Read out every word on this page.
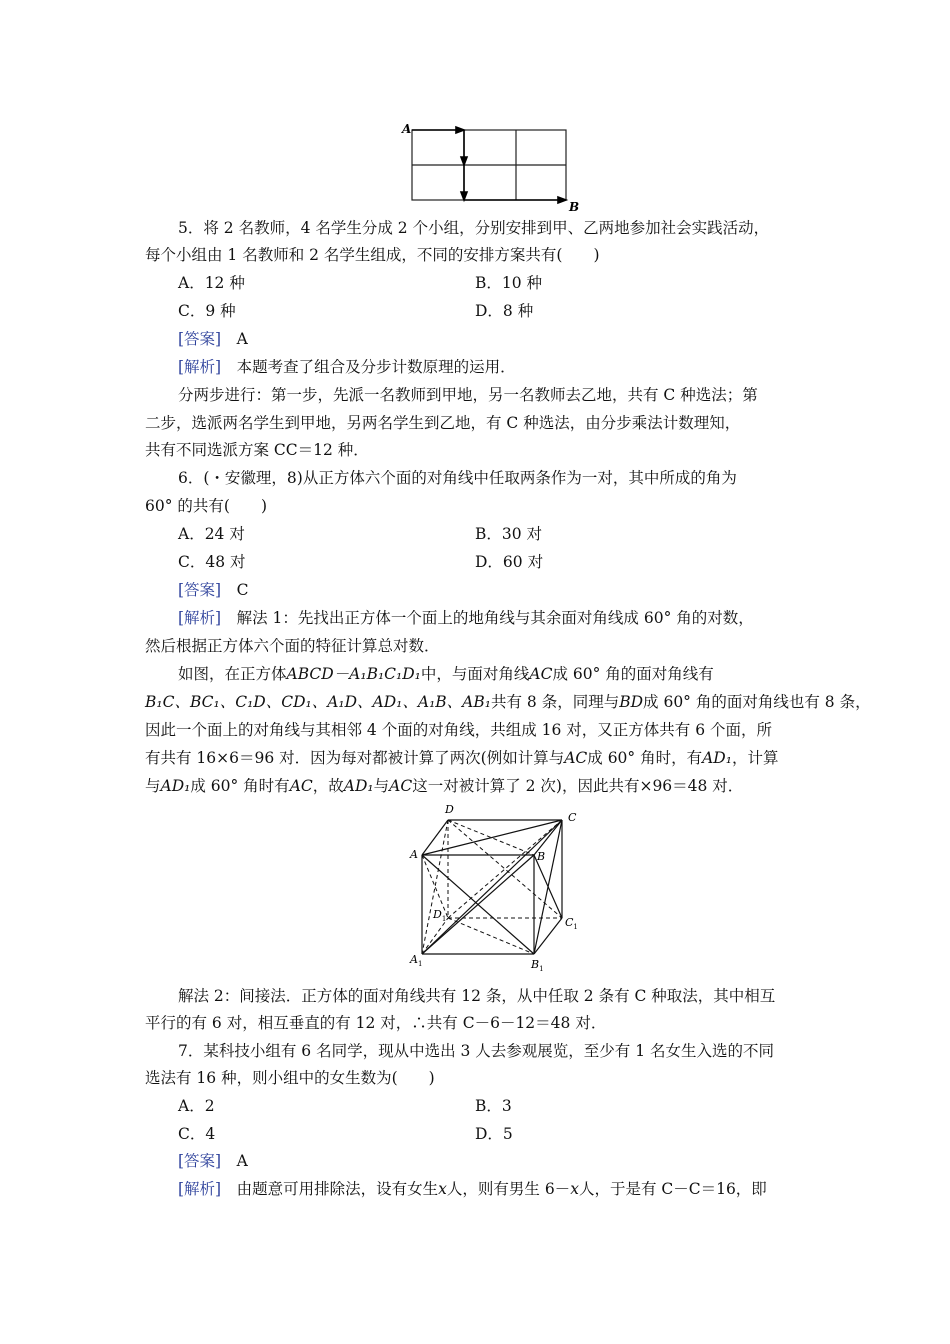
A
B
5．将 2 名教师，4 名学生分成 2 个小组，分别安排到甲、乙两地参加社会实践活动，
每个小组由 1 名教师和 2 名学生组成，不同的安排方案共有(　　)
A．12 种	B．10 种
C．9 种	D．8 种
[答案]　 A
[解析]　 本题考查了组合及分步计数原理的运用．
分两步进行：第一步，先派一名教师到甲地，另一名教师去乙地，共有 C 种选法；第
二步，选派两名学生到甲地，另两名学生到乙地，有 C 种选法，由分步乘法计数理知，
共有不同选派方案 CC＝12 种．
6．(・安徽理，8)从正方体六个面的对角线中任取两条作为一对，其中所成的角为
60° 的共有(　　)
A．24 对	B．30 对
C．48 对	D．60 对
[答案]　 C
[解析]　 解法 1：先找出正方体一个面上的地角线与其余面对角线成 60° 角的对数，
然后根据正方体六个面的特征计算总对数．
如图，在正方体ABCD－A₁B₁C₁D₁中，与面对角线AC成 60° 角的面对角线有
B₁C、BC₁、C₁D、CD₁、A₁D、AD₁、A₁B、AB₁共有 8 条，同理与BD成 60° 角的面对角线也有 8 条，
因此一个面上的对角线与其相邻 4 个面的对角线，共组成 16 对，又正方体共有 6 个面，所
有共有 16×6＝96 对．因为每对都被计算了两次(例如计算与AC成 60° 角时，有AD₁，计算
与AD₁成 60° 角时有AC，故AD₁与AC这一对被计算了 2 次)，因此共有×96＝48 对．
A	B
C
D
$D_1$	$C_1$
$A_1$	$B_1$
解法 2：间接法．正方体的面对角线共有 12 条，从中任取 2 条有 C 种取法，其中相互
平行的有 6 对，相互垂直的有 12 对，∴共有 C－6－12＝48 对．
7．某科技小组有 6 名同学，现从中选出 3 人去参观展览，至少有 1 名女生入选的不同
选法有 16 种，则小组中的女生数为(　　)
A．2	B．3
C．4	D．5
[答案]　 A
[解析]　 由题意可用排除法，设有女生x人，则有男生 6－x人，于是有 C－C＝16，即
